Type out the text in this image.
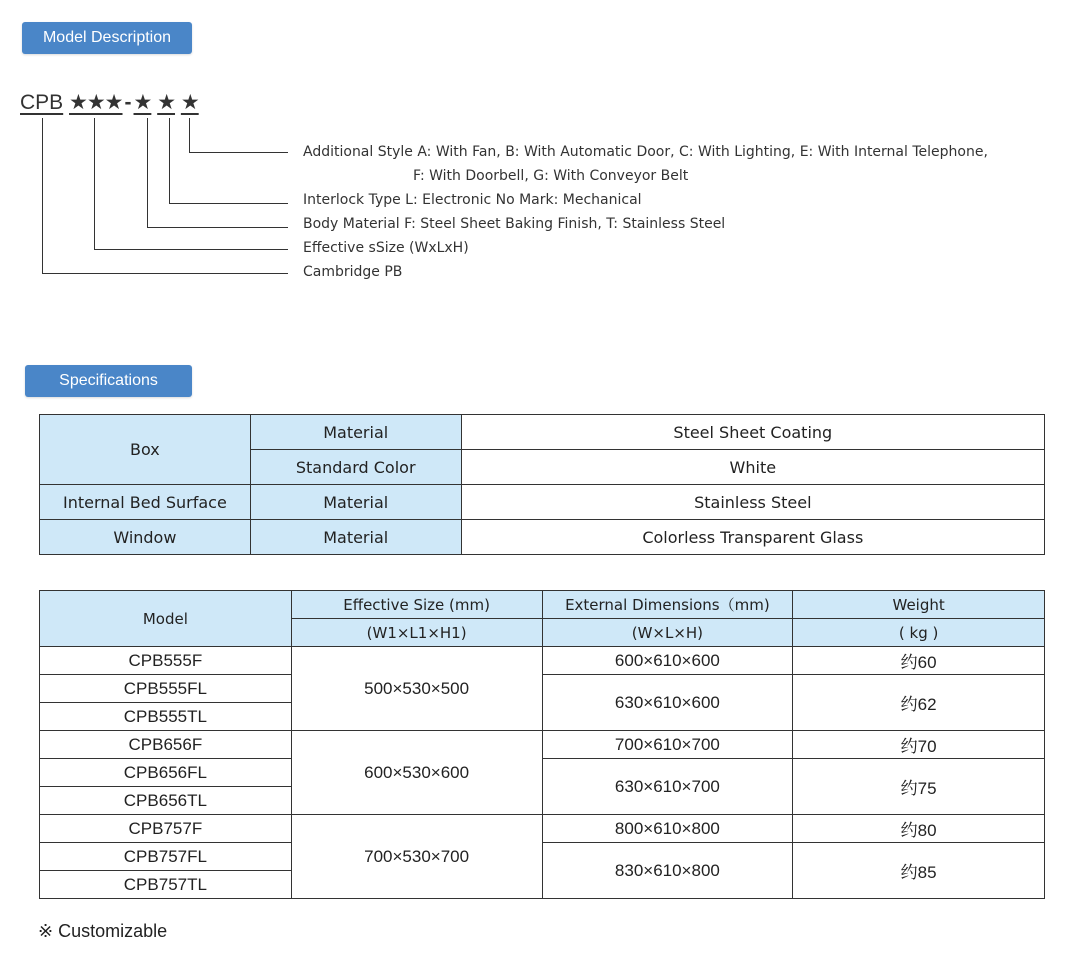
Model Description
CPB ★★★-★ ★ ★
Additional Style A: With Fan, B: With Automatic Door, C: With Lighting, E: With Internal Telephone,
F: With Doorbell, G: With Conveyor Belt
Interlock Type L: Electronic No Mark: Mechanical
Body Material F: Steel Sheet Baking Finish, T: Stainless Steel
Effective sSize (WxLxH)
Cambridge PB
Specifications
Box	Material	Steel Sheet Coating
	Standard Color	White
Internal Bed Surface	Material	Stainless Steel
Window	Material	Colorless Transparent Glass
Model	Effective Size (mm)	External Dimensions（mm)	Weight
	(W1×L1×H1)	(W×L×H)	( kg )
CPB555F	500×530×500	600×610×600	约60
CPB555FL		630×610×600	约62
CPB555TL			
CPB656F	600×530×600	700×610×700	约70
CPB656FL		630×610×700	约75
CPB656TL			
CPB757F	700×530×700	800×610×800	约80
CPB757FL		830×610×800	约85
CPB757TL			
※ Customizable
